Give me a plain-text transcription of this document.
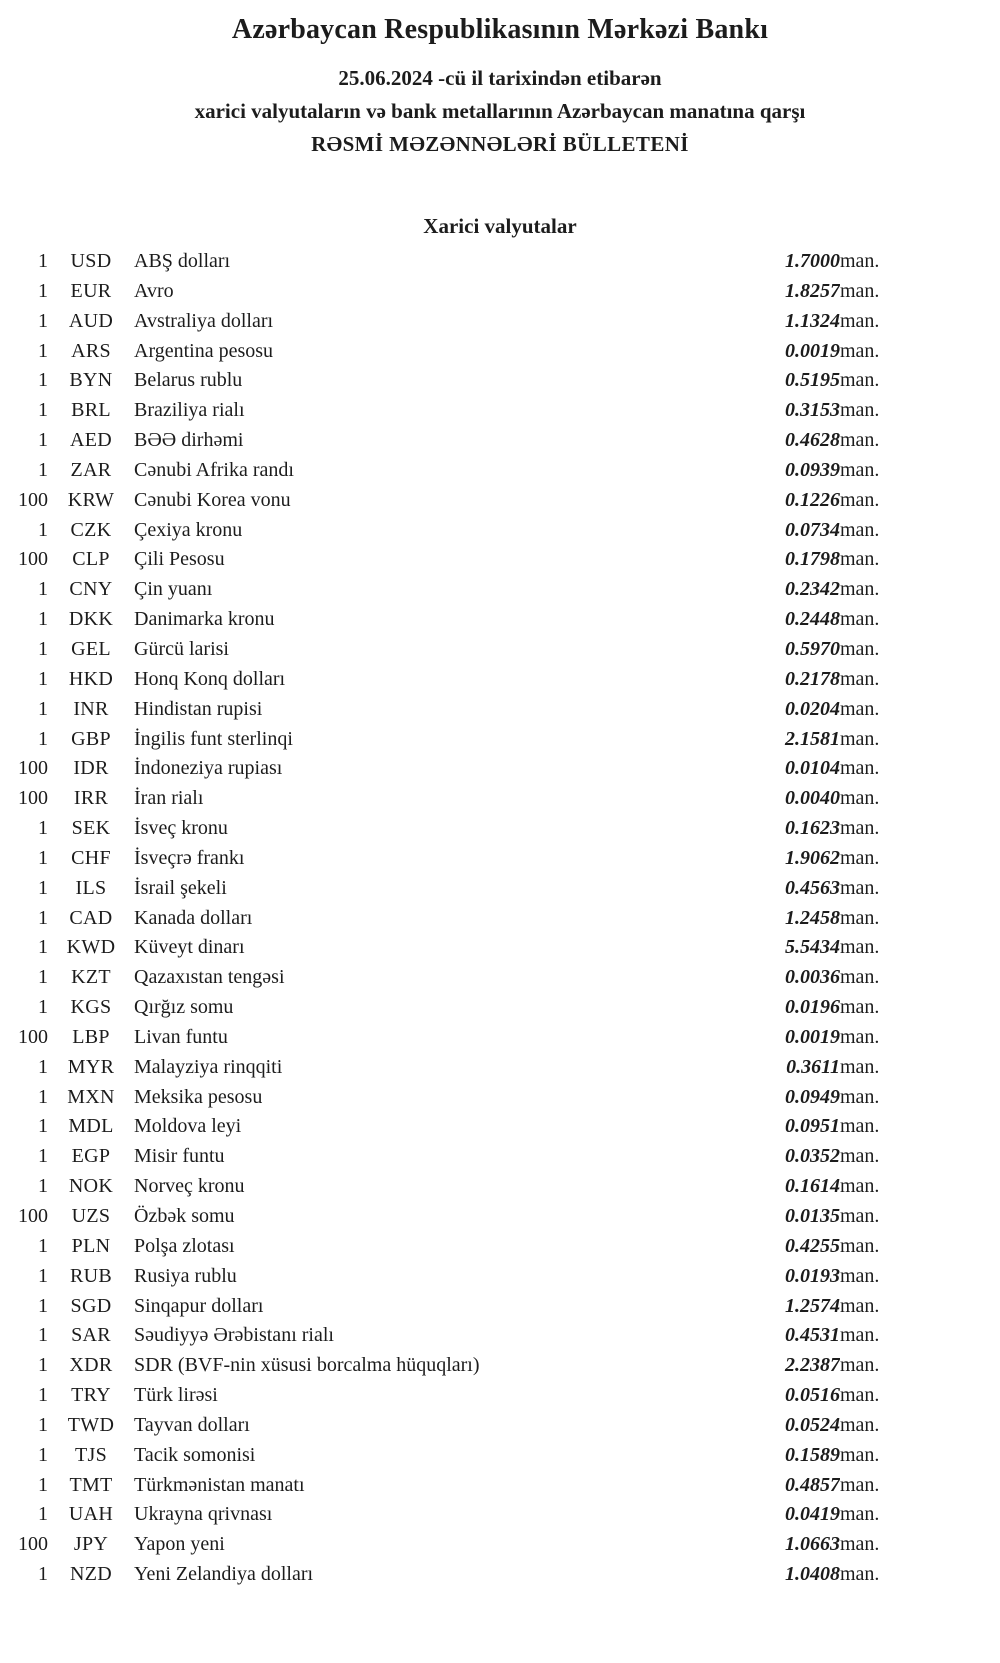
Azərbaycan Respublikasının Mərkəzi Bankı

25.06.2024 -cü il tarixindən etibarən

xarici valyutaların və bank metallarının Azərbaycan manatına qarşı

RƏSMİ MƏZƏNNƏLƏRİ BÜLLETENİ

Xarici valyutalar
1	USD	ABŞ dolları	1.7000	man.
1	EUR	Avro	1.8257	man.
1	AUD	Avstraliya dolları	1.1324	man.
1	ARS	Argentina pesosu	0.0019	man.
1	BYN	Belarus rublu	0.5195	man.
1	BRL	Braziliya rialı	0.3153	man.
1	AED	BƏƏ dirhəmi	0.4628	man.
1	ZAR	Cənubi Afrika randı	0.0939	man.
100	KRW	Cənubi Korea vonu	0.1226	man.
1	CZK	Çexiya kronu	0.0734	man.
100	CLP	Çili Pesosu	0.1798	man.
1	CNY	Çin yuanı	0.2342	man.
1	DKK	Danimarka kronu	0.2448	man.
1	GEL	Gürcü larisi	0.5970	man.
1	HKD	Honq Konq dolları	0.2178	man.
1	INR	Hindistan rupisi	0.0204	man.
1	GBP	İngilis funt sterlinqi	2.1581	man.
100	IDR	İndoneziya rupiası	0.0104	man.
100	IRR	İran rialı	0.0040	man.
1	SEK	İsveç kronu	0.1623	man.
1	CHF	İsveçrə frankı	1.9062	man.
1	ILS	İsrail şekeli	0.4563	man.
1	CAD	Kanada dolları	1.2458	man.
1	KWD	Küveyt dinarı	5.5434	man.
1	KZT	Qazaxıstan tengəsi	0.0036	man.
1	KGS	Qırğız somu	0.0196	man.
100	LBP	Livan funtu	0.0019	man.
1	MYR	Malayziya rinqqiti	0.3611	man.
1	MXN	Meksika pesosu	0.0949	man.
1	MDL	Moldova leyi	0.0951	man.
1	EGP	Misir funtu	0.0352	man.
1	NOK	Norveç kronu	0.1614	man.
100	UZS	Özbək somu	0.0135	man.
1	PLN	Polşa zlotası	0.4255	man.
1	RUB	Rusiya rublu	0.0193	man.
1	SGD	Sinqapur dolları	1.2574	man.
1	SAR	Səudiyyə Ərəbistanı rialı	0.4531	man.
1	XDR	SDR (BVF-nin xüsusi borcalma hüquqları)	2.2387	man.
1	TRY	Türk lirəsi	0.0516	man.
1	TWD	Tayvan dolları	0.0524	man.
1	TJS	Tacik somonisi	0.1589	man.
1	TMT	Türkmənistan manatı	0.4857	man.
1	UAH	Ukrayna qrivnası	0.0419	man.
100	JPY	Yapon yeni	1.0663	man.
1	NZD	Yeni Zelandiya dolları	1.0408	man.
